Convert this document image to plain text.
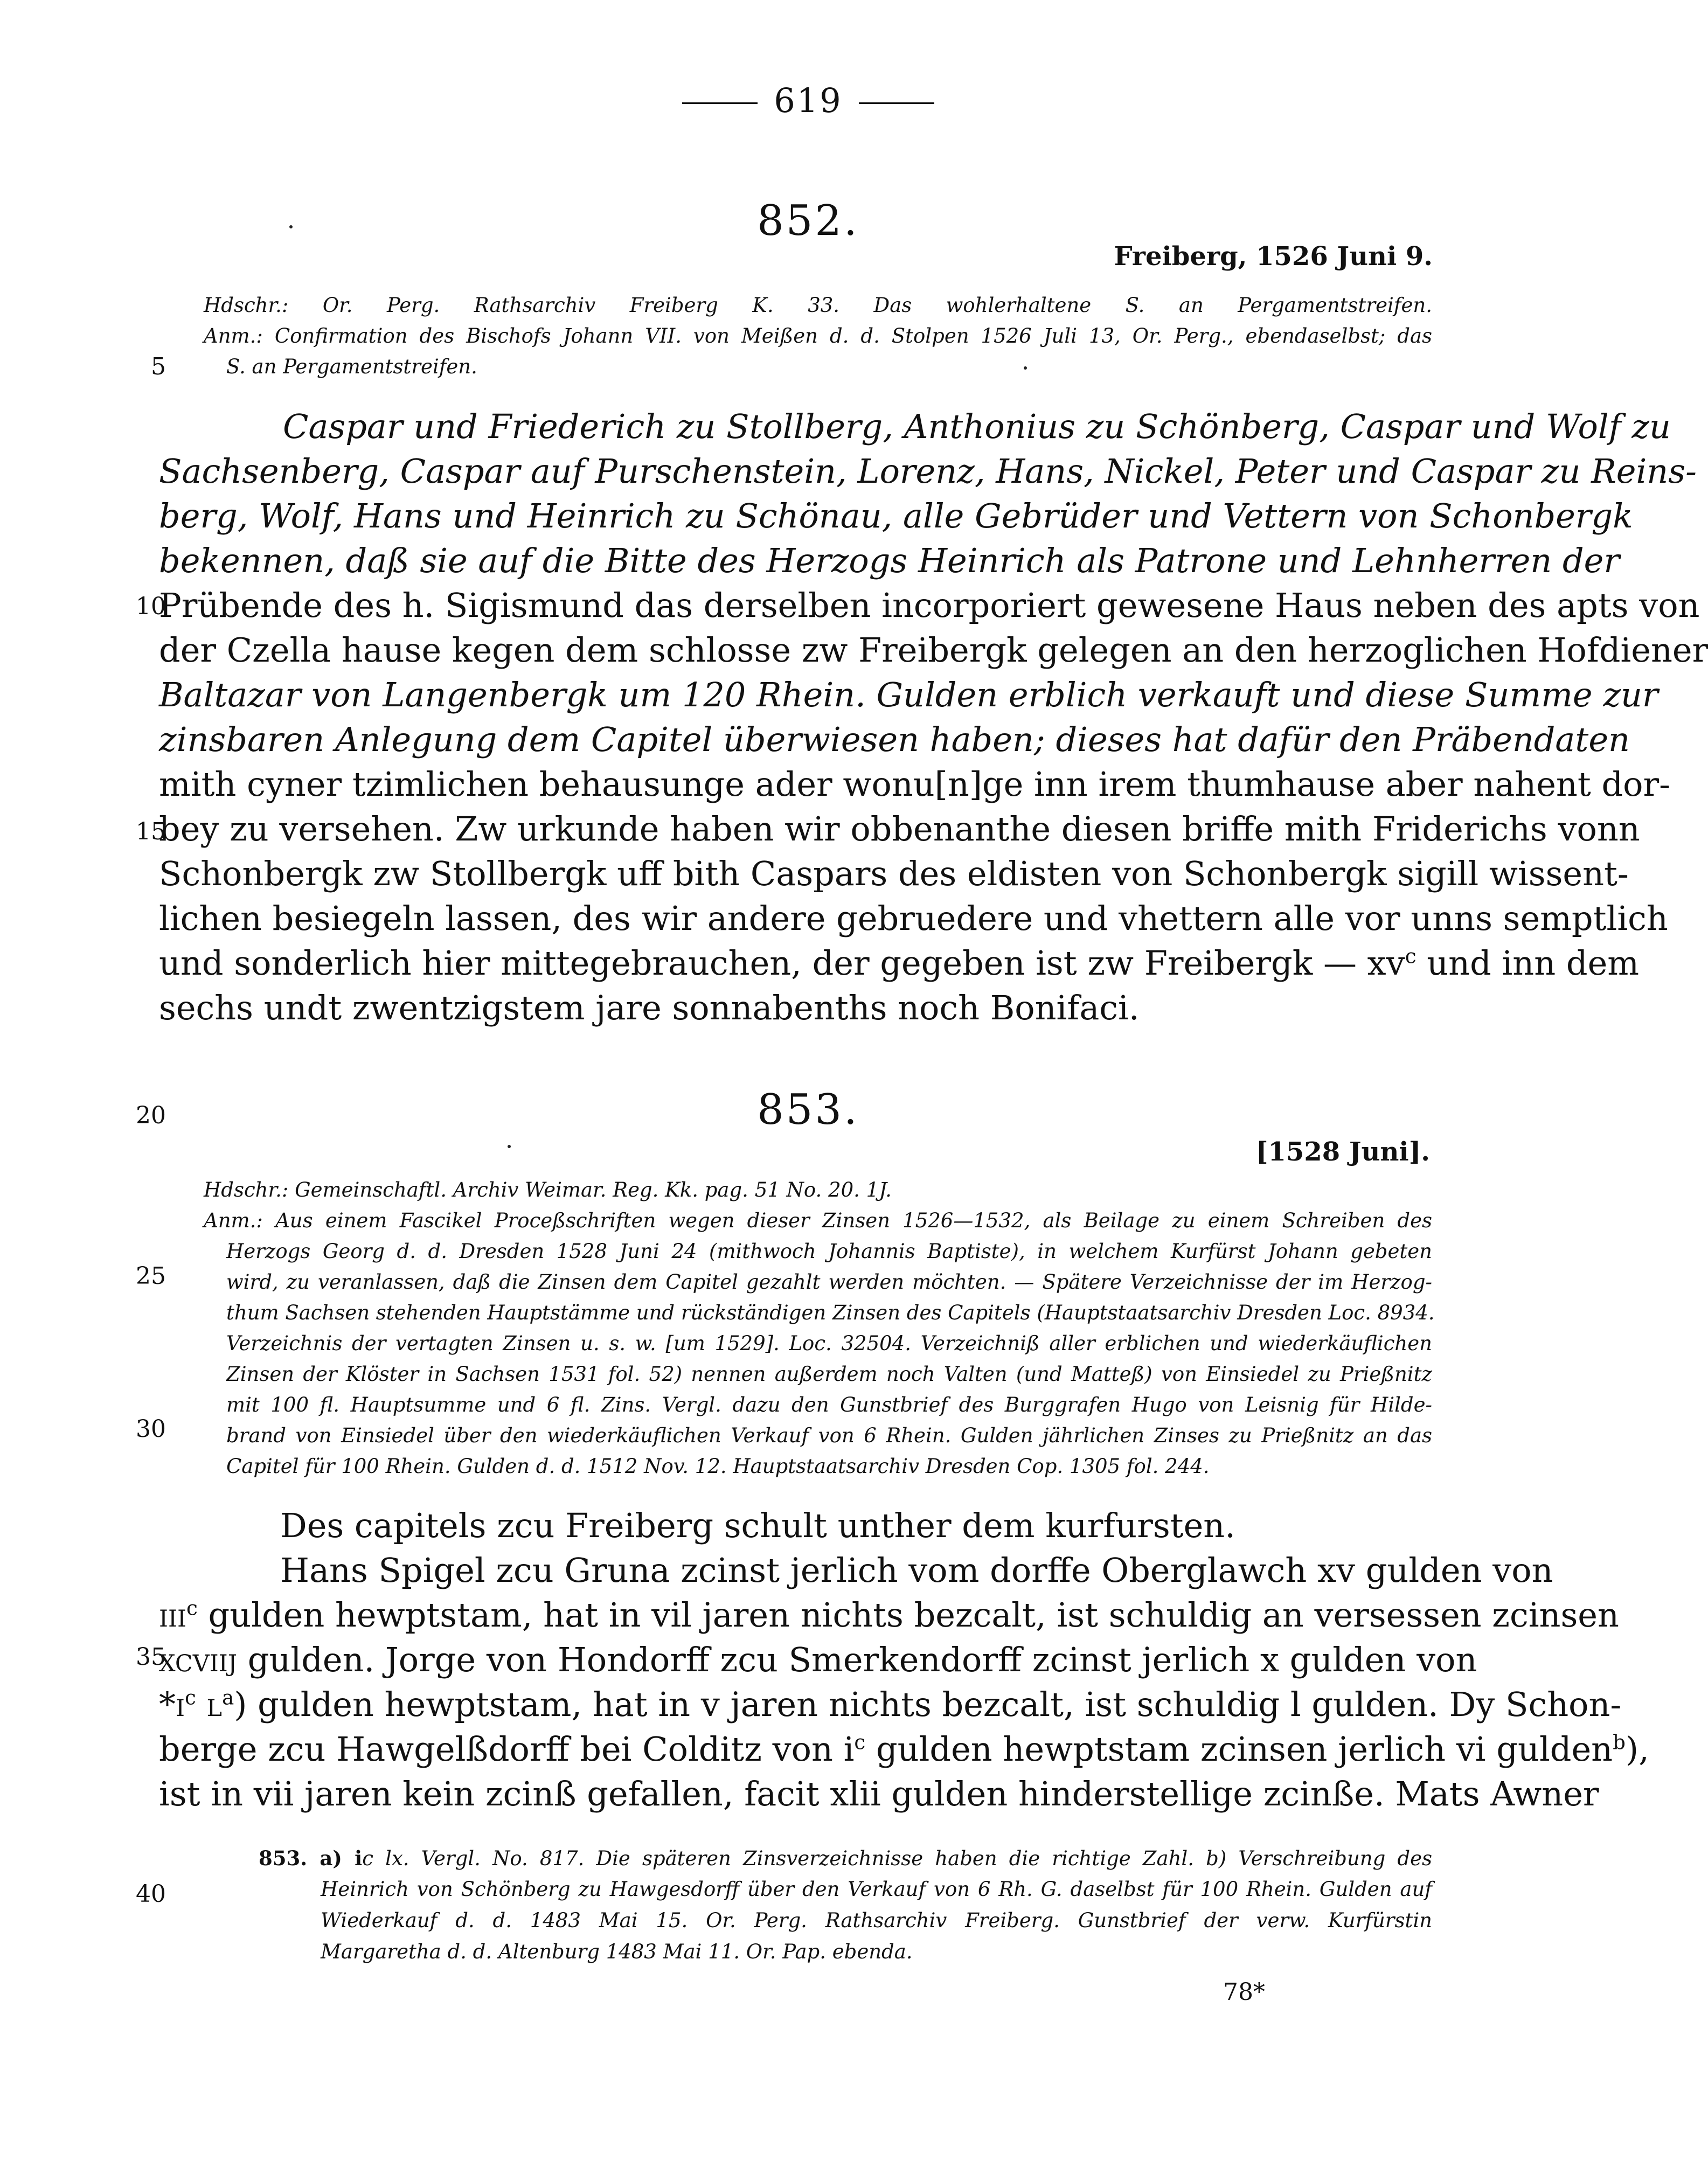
619
852.
Freiberg, 1526 Juni 9.
Hdschr.: Or. Perg. Rathsarchiv Freiberg K. 33. Das wohlerhaltene S. an Pergamentstreifen.
Anm.: Confirmation des Bischofs Johann VII. von Meißen d. d. Stolpen 1526 Juli 13, Or. Perg., ebendaselbst; das
S. an Pergamentstreifen.
5
Caspar und Friederich zu Stollberg, Anthonius zu Schönberg, Caspar und Wolf zu
Sachsenberg, Caspar auf Purschenstein, Lorenz, Hans, Nickel, Peter und Caspar zu Reins-
berg, Wolf, Hans und Heinrich zu Schönau, alle Gebrüder und Vettern von Schonbergk
bekennen, daß sie auf die Bitte des Herzogs Heinrich als Patrone und Lehnherren der
Prübende des h. Sigismund das derselben incorporiert gewesene Haus neben des apts von
der Czella hause kegen dem schlosse zw Freibergk gelegen an den herzoglichen Hofdiener
Baltazar von Langenbergk um 120 Rhein. Gulden erblich verkauft und diese Summe zur
zinsbaren Anlegung dem Capitel überwiesen haben; dieses hat dafür den Präbendaten
mith cyner tzimlichen behausunge ader wonu[n]ge inn irem thumhause aber nahent dor-
bey zu versehen. Zw urkunde haben wir obbenanthe diesen briffe mith Friderichs vonn
Schonbergk zw Stollbergk uff bith Caspars des eldisten von Schonbergk sigill wissent-
lichen besiegeln lassen, des wir andere gebruedere und vhettern alle vor unns semptlich
und sonderlich hier mittegebrauchen, der gegeben ist zw Freibergk — $xv^c$ und inn dem
sechs undt zwentzigstem jare sonnabenths noch Bonifaci.
10
15
20	853.
[1528 Juni].
Hdschr.: Gemeinschaftl. Archiv Weimar. Reg. Kk. pag. 51 No. 20. 1J.
Anm.: Aus einem Fascikel Proceßschriften wegen dieser Zinsen 1526—1532, als Beilage zu einem Schreiben des
Herzogs Georg d. d. Dresden 1528 Juni 24 (mithwoch Johannis Baptiste), in welchem Kurfürst Johann gebeten
wird, zu veranlassen, daß die Zinsen dem Capitel gezahlt werden möchten. — Spätere Verzeichnisse der im Herzog-
thum Sachsen stehenden Hauptstämme und rückständigen Zinsen des Capitels (Hauptstaatsarchiv Dresden Loc. 8934.
Verzeichnis der vertagten Zinsen u. s. w. [um 1529]. Loc. 32504. Verzeichniß aller erblichen und wiederkäuflichen
Zinsen der Klöster in Sachsen 1531 fol. 52) nennen außerdem noch Valten (und Matteß) von Einsiedel zu Prießnitz
mit 100 fl. Hauptsumme und 6 fl. Zins. Vergl. dazu den Gunstbrief des Burggrafen Hugo von Leisnig für Hilde-
brand von Einsiedel über den wiederkäuflichen Verkauf von 6 Rhein. Gulden jährlichen Zinses zu Prießnitz an das
Capitel für 100 Rhein. Gulden d. d. 1512 Nov. 12. Hauptstaatsarchiv Dresden Cop. 1305 fol. 244.
25
30
Des capitels zcu Freiberg schult unther dem kurfursten.
Hans Spigel zcu Gruna zcinst jerlich vom dorffe Oberglawch xv gulden von
iii$^c$ gulden hewptstam, hat in vil jaren nichts bezcalt, ist schuldig an versessen zcinsen
xcviij gulden. Jorge von Hondorff zcu Smerkendorff zcinst jerlich x gulden von
$*i^c$ $l^a$) gulden hewptstam, hat in v jaren nichts bezcalt, ist schuldig l gulden. Dy Schon-
berge zcu Hawgelßdorff bei Colditz von $i^c$ gulden hewptstam zcinsen jerlich vi gulden$^b$),
ist in vii jaren kein zcinß gefallen, facit xlii gulden hinderstellige zcinße. Mats Awner
35
853. a) ic lx. Vergl. No. 817. Die späteren Zinsverzeichnisse haben die richtige Zahl. b) Verschreibung des
Heinrich von Schönberg zu Hawgesdorff über den Verkauf von 6 Rh. G. daselbst für 100 Rhein. Gulden auf
Wiederkauf d. d. 1483 Mai 15. Or. Perg. Rathsarchiv Freiberg. Gunstbrief der verw. Kurfürstin
Margaretha d. d. Altenburg 1483 Mai 11. Or. Pap. ebenda.
40
78*
